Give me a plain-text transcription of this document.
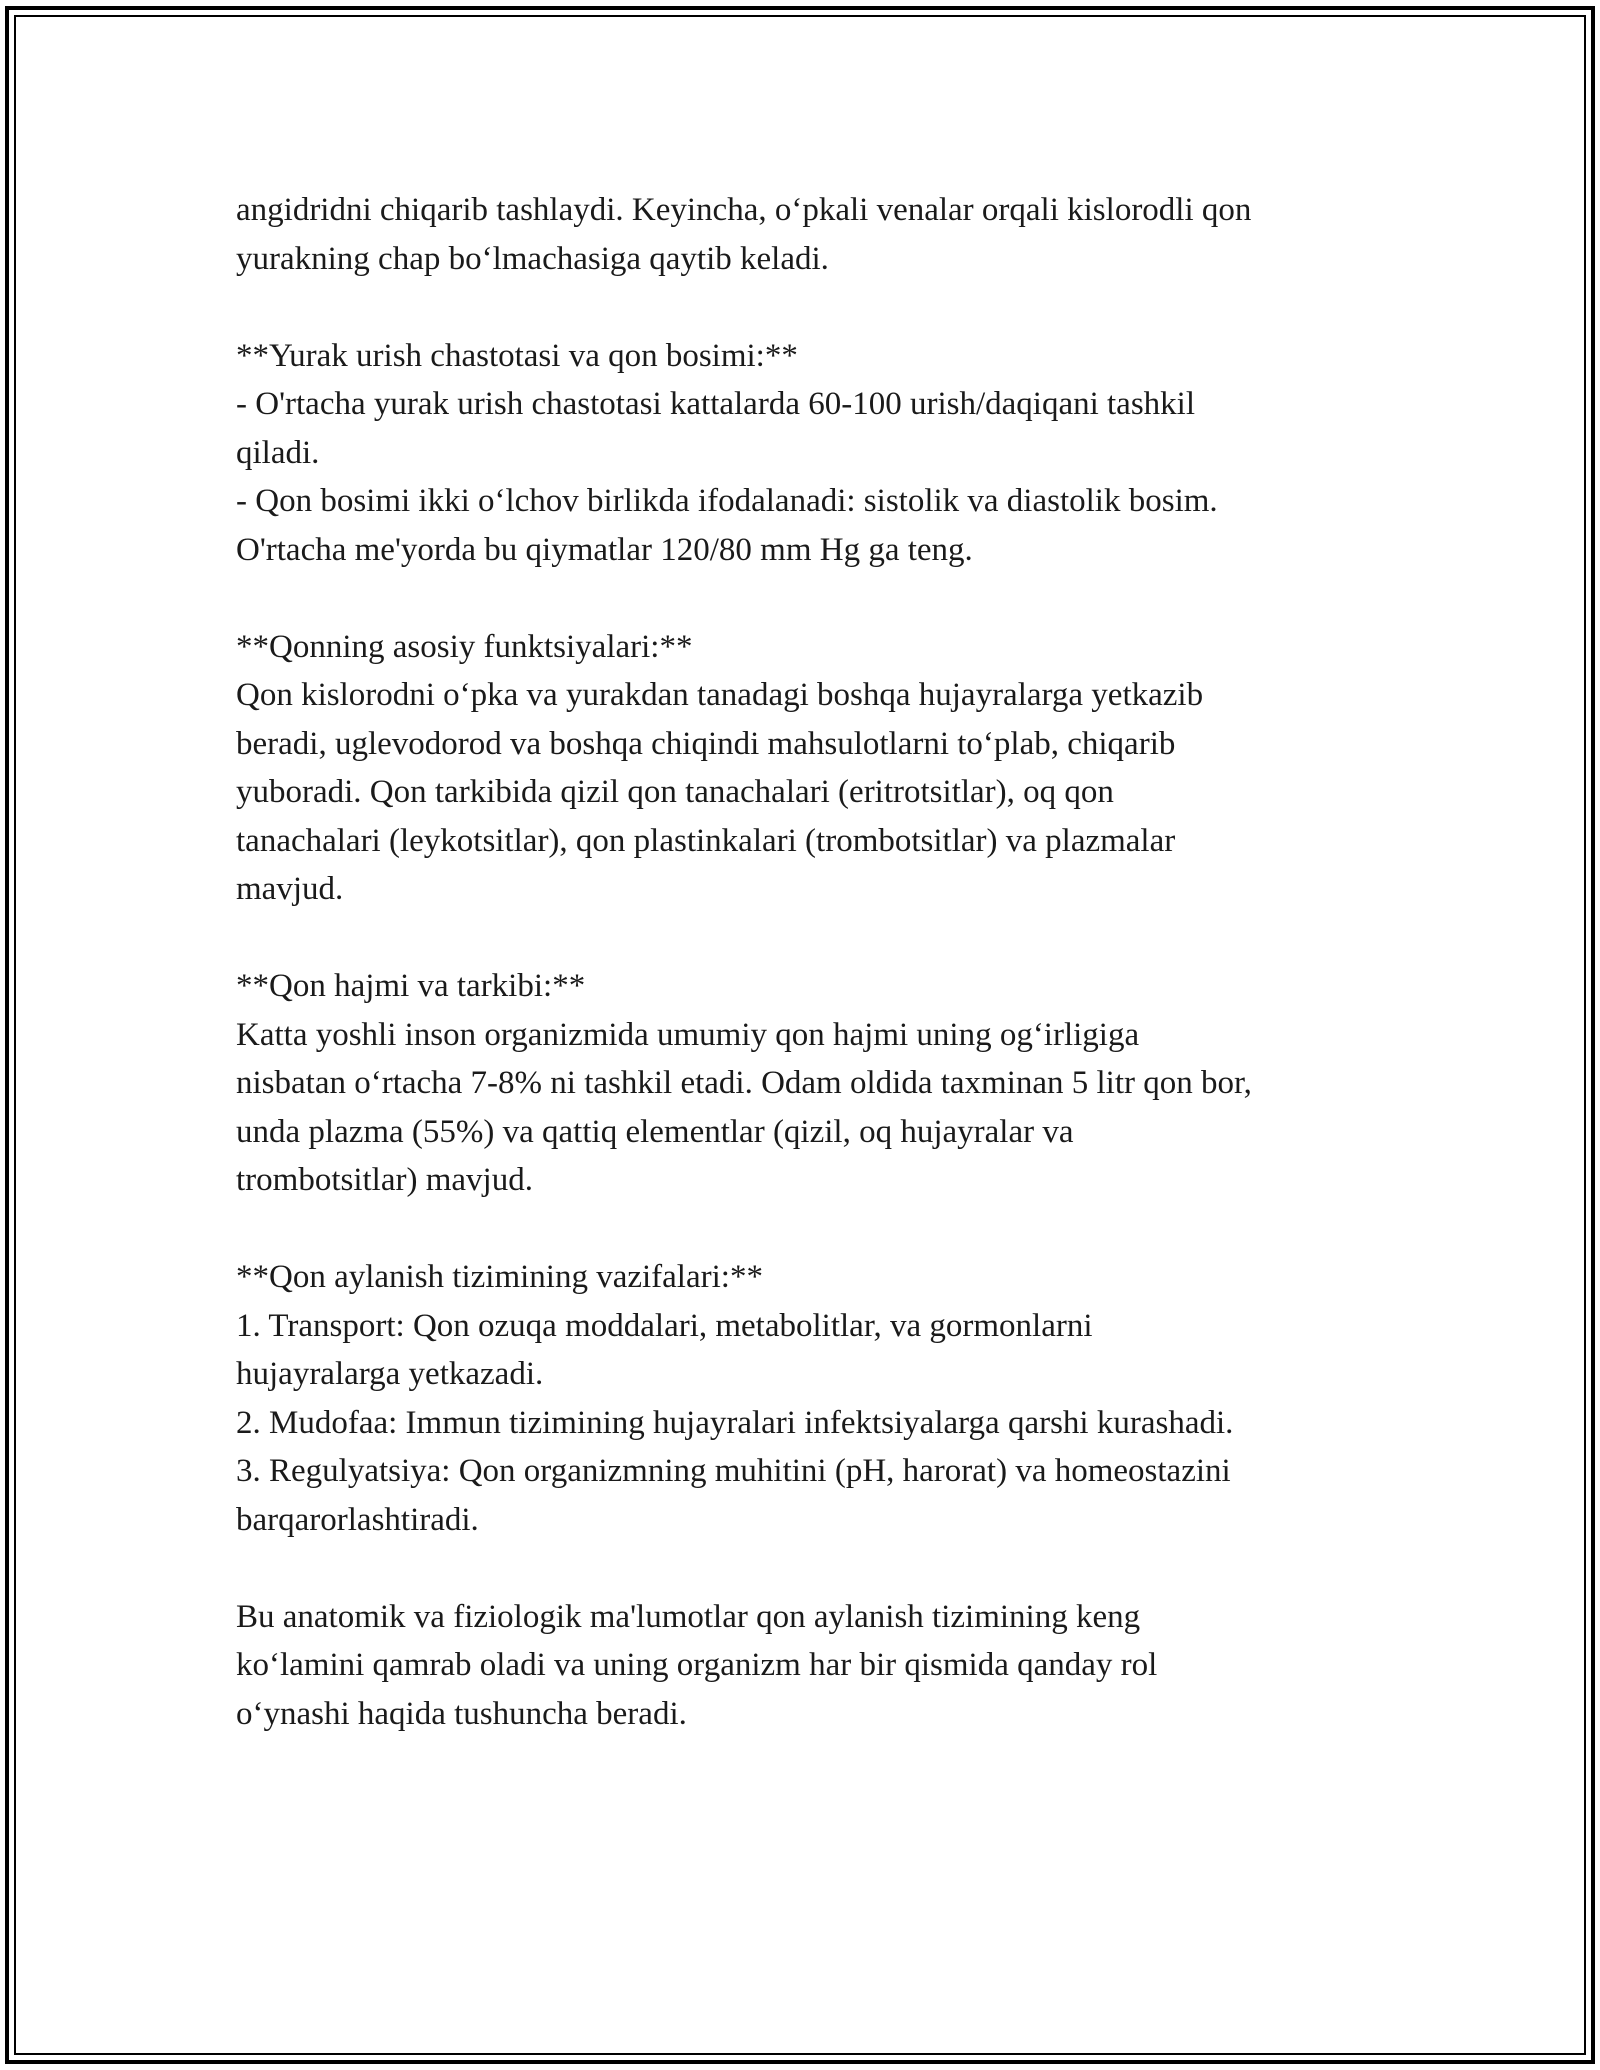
angidridni chiqarib tashlaydi. Keyincha, o‘pkali venalar orqali kislorodli qon
yurakning chap bo‘lmachasiga qaytib keladi.
**Yurak urish chastotasi va qon bosimi:**
- O'rtacha yurak urish chastotasi kattalarda 60-100 urish/daqiqani tashkil
qiladi.
- Qon bosimi ikki o‘lchov birlikda ifodalanadi: sistolik va diastolik bosim.
O'rtacha me'yorda bu qiymatlar 120/80 mm Hg ga teng.
**Qonning asosiy funktsiyalari:**
Qon kislorodni o‘pka va yurakdan tanadagi boshqa hujayralarga yetkazib
beradi, uglevodorod va boshqa chiqindi mahsulotlarni to‘plab, chiqarib
yuboradi. Qon tarkibida qizil qon tanachalari (eritrotsitlar), oq qon
tanachalari (leykotsitlar), qon plastinkalari (trombotsitlar) va plazmalar
mavjud.
**Qon hajmi va tarkibi:**
Katta yoshli inson organizmida umumiy qon hajmi uning og‘irligiga
nisbatan o‘rtacha 7-8% ni tashkil etadi. Odam oldida taxminan 5 litr qon bor,
unda plazma (55%) va qattiq elementlar (qizil, oq hujayralar va
trombotsitlar) mavjud.
**Qon aylanish tizimining vazifalari:**
1. Transport: Qon ozuqa moddalari, metabolitlar, va gormonlarni
hujayralarga yetkazadi.
2. Mudofaa: Immun tizimining hujayralari infektsiyalarga qarshi kurashadi.
3. Regulyatsiya: Qon organizmning muhitini (pH, harorat) va homeostazini
barqarorlashtiradi.
Bu anatomik va fiziologik ma'lumotlar qon aylanish tizimining keng
ko‘lamini qamrab oladi va uning organizm har bir qismida qanday rol
o‘ynashi haqida tushuncha beradi.
